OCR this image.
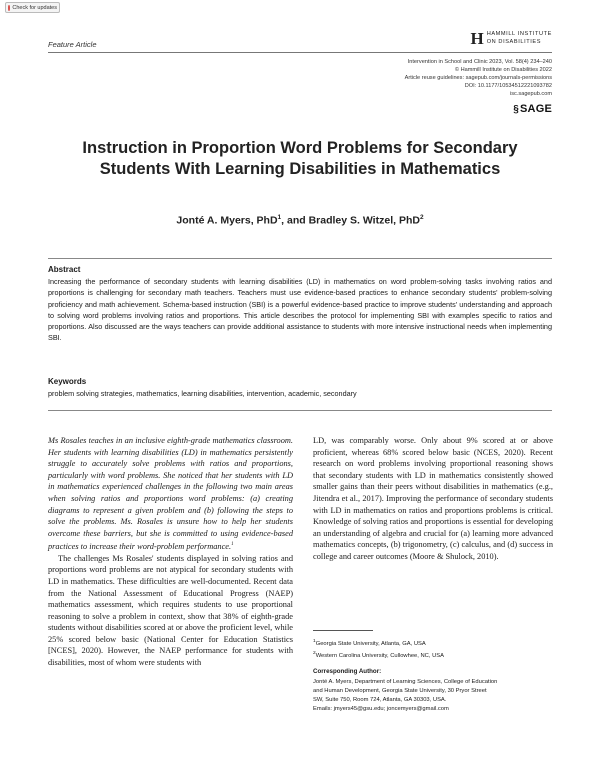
Check for updates
Feature Article	H HAMMILL INSTITUTE
ON DISABILITIES
Intervention in School and Clinic 2023, Vol. 58(4) 234–240
© Hammill Institute on Disabilities 2022
Article reuse guidelines: sagepub.com/journals-permissions
DOI: 10.1177/10534512221093782
isc.sagepub.com
§ SAGE
Instruction in Proportion Word Problems for Secondary
Students With Learning Disabilities in Mathematics
Jonté A. Myers, PhD$^1$, and Bradley S. Witzel, PhD$^2$
Abstract
Increasing the performance of secondary students with learning disabilities (LD) in mathematics on word problem-solving tasks involving ratios and proportions is challenging for secondary math teachers. Teachers must use evidence-based practices to enhance secondary students' problem-solving proficiency and math achievement. Schema-based instruction (SBI) is a powerful evidence-based practice to improve students' understanding and approach to solving word problems involving ratios and proportions. This article describes the protocol for implementing SBI with examples specific to ratios and proportions. Also discussed are the ways teachers can provide additional assistance to students with more intensive instructional needs when implementing SBI.
Keywords
problem solving strategies, mathematics, learning disabilities, intervention, academic, secondary

Ms Rosales teaches in an inclusive eighth-grade mathematics classroom. Her students with learning disabilities (LD) in mathematics persistently struggle to accurately solve problems with ratios and proportions, particularly with word problems. She noticed that her students with LD in mathematics experienced challenges in the following two main areas when solving ratios and proportions word problems: (a) creating diagrams to represent a given problem and (b) following the steps to solve the problems. Ms. Rosales is unsure how to help her students overcome these barriers, but she is committed to using evidence-based practices to increase their word-problem performance.$^1$

The challenges Ms Rosales' students displayed in solving ratios and proportions word problems are not atypical for secondary students with LD in mathematics. These difficulties are well-documented. Recent data from the National Assessment of Educational Progress (NAEP) mathematics assessment, which requires students to use proportional reasoning to solve a problem in context, show that 38% of eighth-grade students without disabilities scored at or above the proficient level, while 25% scored below basic (National Center for Education Statistics [NCES], 2020). However, the NAEP performance for students with disabilities, most of whom were students with

LD, was comparably worse. Only about 9% scored at or above proficient, whereas 68% scored below basic (NCES, 2020). Recent research on word problems involving proportional reasoning shows that secondary students with LD in mathematics consistently showed smaller gains than their peers without disabilities in mathematics (e.g., Jitendra et al., 2017). Improving the performance of secondary students with LD in mathematics on ratios and proportions problems is critical. Knowledge of solving ratios and proportions is essential for developing an understanding of algebra and crucial for (a) learning more advanced mathematics concepts, (b) trigonometry, (c) calculus, and (d) success in college and career outcomes (Moore & Shulock, 2010).

$^1$Georgia State University, Atlanta, GA, USA
$^2$Western Carolina University, Cullowhee, NC, USA
Corresponding Author:
Jonté A. Myers, Department of Learning Sciences, College of Education
and Human Development, Georgia State University, 30 Pryor Street
SW, Suite 750, Room 724, Atlanta, GA 30303, USA.
Emails: jmyers45@gsu.edu; joncemyers@gmail.com
